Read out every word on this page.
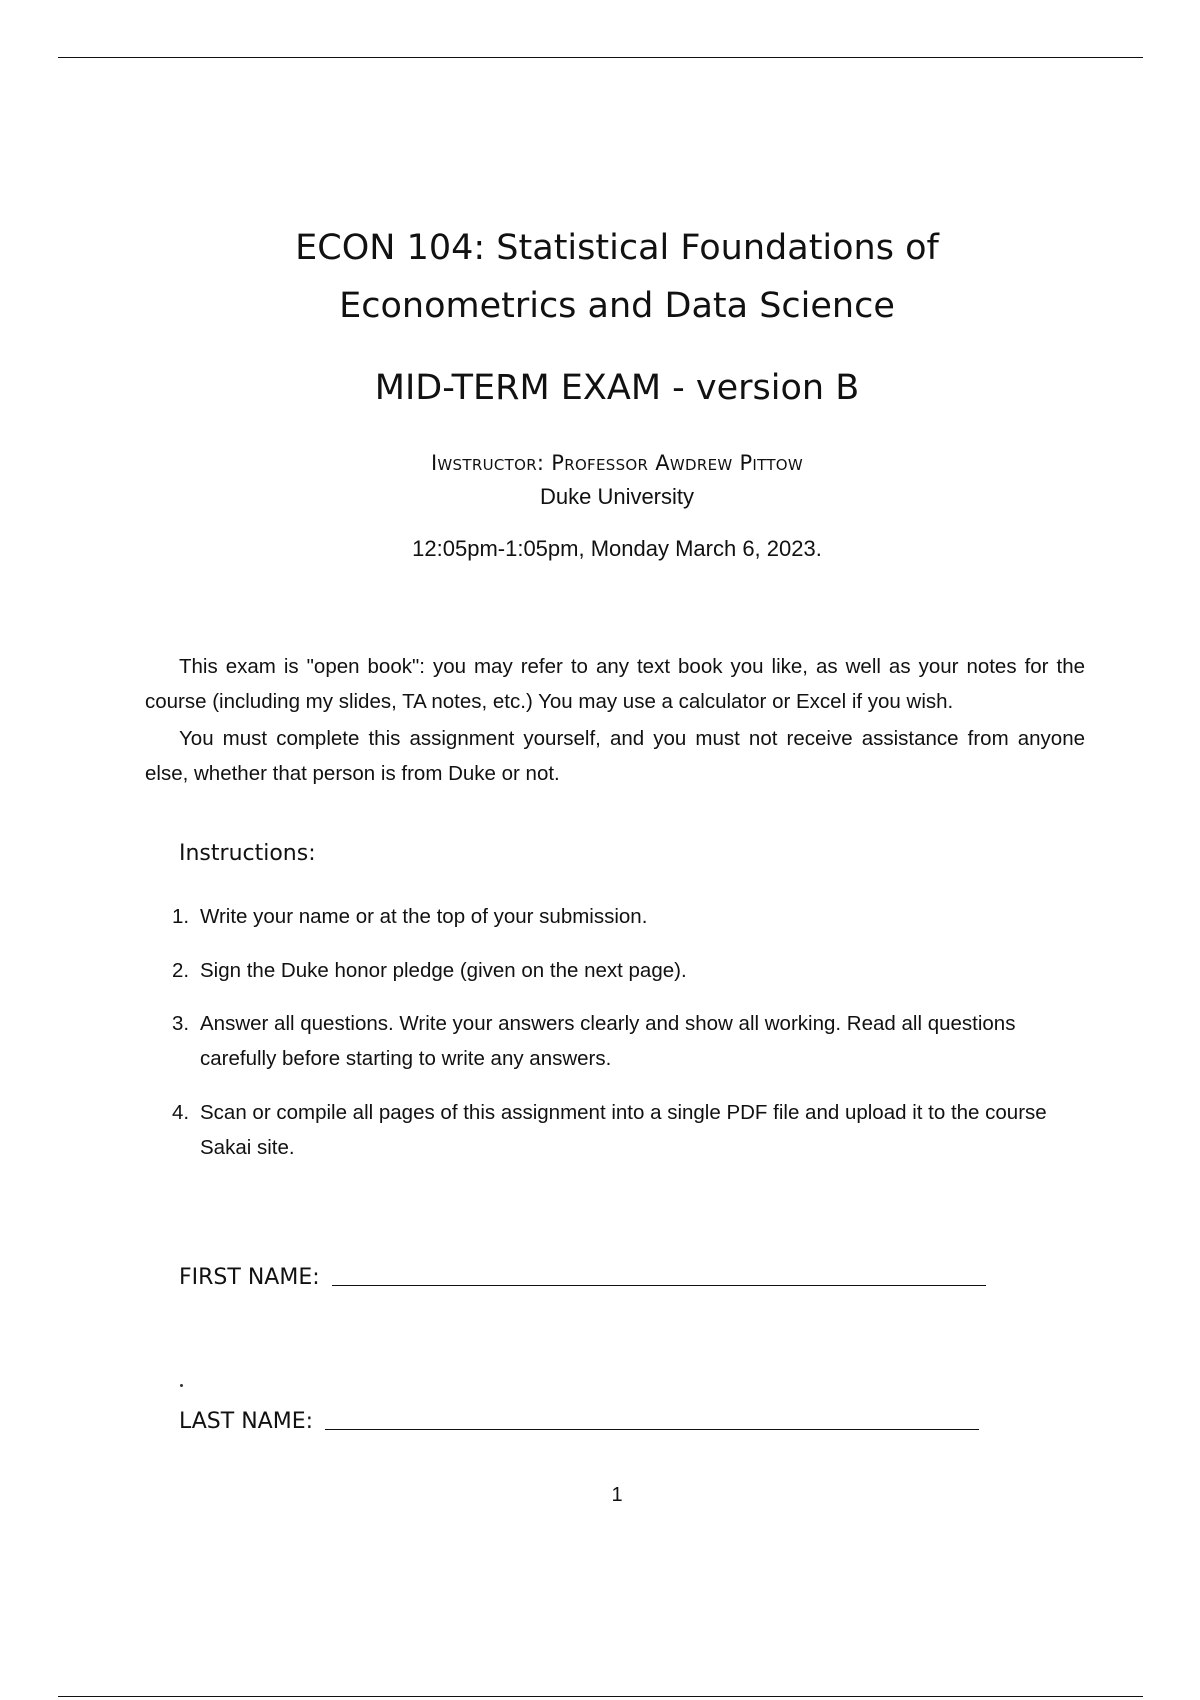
ECON 104: Statistical Foundations of
Econometrics and Data Science
MID-TERM EXAM - version B
Iwstructor: Professor Awdrew Pittow
Duke University
12:05pm-1:05pm, Monday March 6, 2023.
This exam is "open book": you may refer to any text book you like, as well as your notes for the course (including my slides, TA notes, etc.) You may use a calculator or Excel if you wish.
You must complete this assignment yourself, and you must not receive assistance from anyone else, whether that person is from Duke or not.
Instructions:
1. Write your name or at the top of your submission.
2. Sign the Duke honor pledge (given on the next page).
3. Answer all questions. Write your answers clearly and show all working. Read all questions carefully before starting to write any answers.
4. Scan or compile all pages of this assignment into a single PDF file and upload it to the course Sakai site.
FIRST NAME:
LAST NAME:
1
